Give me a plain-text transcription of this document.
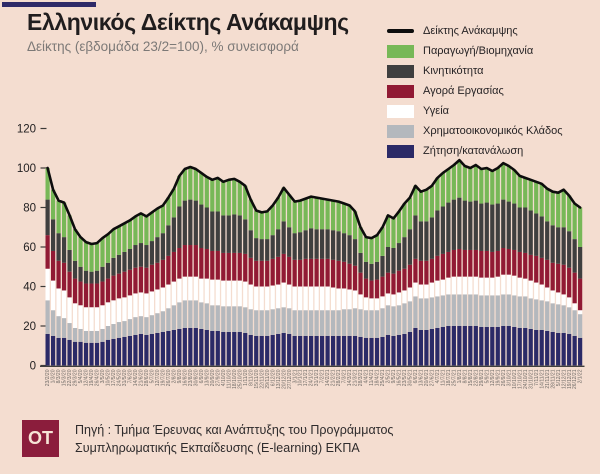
Ελληνικός Δείκτης Ανάκαμψης
Δείκτης (εβδομάδα 23/2=100), % συνεισφορά
Δείκτης Ανάκαμψης
Παραγωγή/Βιομηχανία
Κινητικότητα
Αγορά Εργασίας
Υγεία
Χρηματοοικονομικός Κλάδος
Ζήτηση/κατανάλωση
0
20
40
60
80
100
120
23/2/20 1/3/20 8/3/20 15/3/20 22/3/20 29/3/20 5/4/20 12/4/20 19/4/20 26/4/20 3/5/20 10/5/20 17/5/20 24/5/20 31/5/20 7/6/20 14/6/20 21/6/20 28/6/20 5/7/20 12/7/20 19/7/20 26/7/20 2/8/20 9/8/20 16/8/20 23/8/20 30/8/20 6/9/20 13/9/20 20/9/20 27/9/20 4/10/20 11/10/20 18/10/20 25/10/20 1/11/20 8/11/20 15/11/20 22/11/20 29/11/20 6/12/20 13/12/20 20/12/20 27/12/20 3/1/21 10/1/21 17/1/21 24/1/21 31/1/21 7/2/21 14/2/21 21/2/21 28/2/21 7/3/21 14/3/21 21/3/21 28/3/21 4/4/21 11/4/21 18/4/21 25/4/21 2/5/21 9/5/21 16/5/21 23/5/21 30/5/21 6/6/21 13/6/21 20/6/21 27/6/21 4/7/21 11/7/21 18/7/21 25/7/21 1/8/21 8/8/21 15/8/21 22/8/21 29/8/21 5/9/21 12/9/21 19/9/21 26/9/21 3/10/21 10/10/21 17/10/21 24/10/21 31/10/21 7/11/21 14/11/21 21/11/21 28/11/21 5/12/21 12/12/21 19/12/21 26/12/21 2/1/22
OT	Πηγή : Τμήμα Έρευνας και Ανάπτυξης του Προγράμματος
Συμπληρωματικής Εκπαίδευσης (E-learning) ΕΚΠΑ
